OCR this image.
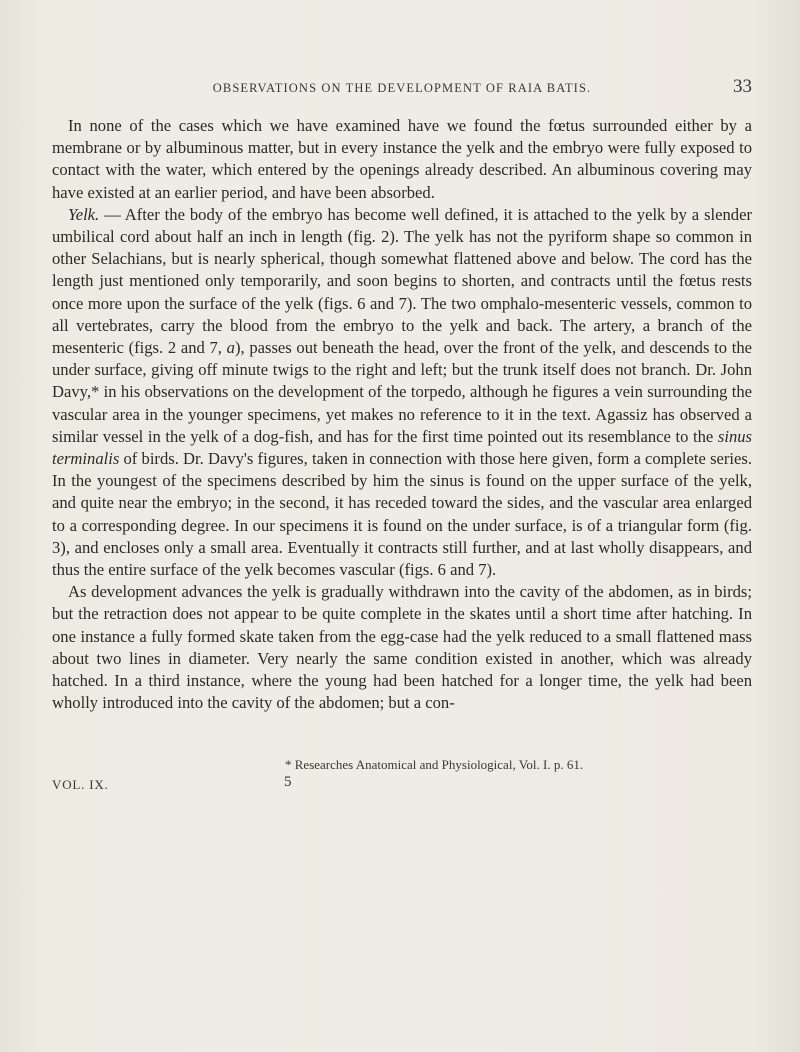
OBSERVATIONS ON THE DEVELOPMENT OF RAIA BATIS.	33

In none of the cases which we have examined have we found the fœtus surrounded either by a membrane or by albuminous matter, but in every instance the yelk and the embryo were fully exposed to contact with the water, which entered by the openings already described. An albuminous covering may have existed at an earlier period, and have been absorbed.

Yelk. — After the body of the embryo has become well defined, it is attached to the yelk by a slender umbilical cord about half an inch in length (fig. 2). The yelk has not the pyriform shape so common in other Selachians, but is nearly spherical, though somewhat flattened above and below. The cord has the length just mentioned only temporarily, and soon begins to shorten, and contracts until the fœtus rests once more upon the surface of the yelk (figs. 6 and 7). The two omphalo-mesenteric vessels, common to all vertebrates, carry the blood from the embryo to the yelk and back. The artery, a branch of the mesenteric (figs. 2 and 7, a), passes out beneath the head, over the front of the yelk, and descends to the under surface, giving off minute twigs to the right and left; but the trunk itself does not branch. Dr. John Davy,* in his observations on the development of the torpedo, although he figures a vein surrounding the vascular area in the younger specimens, yet makes no reference to it in the text. Agassiz has observed a similar vessel in the yelk of a dog-fish, and has for the first time pointed out its resemblance to the sinus terminalis of birds. Dr. Davy's figures, taken in connection with those here given, form a complete series. In the youngest of the specimens described by him the sinus is found on the upper surface of the yelk, and quite near the embryo; in the second, it has receded toward the sides, and the vascular area enlarged to a corresponding degree. In our specimens it is found on the under surface, is of a triangular form (fig. 3), and encloses only a small area. Eventually it contracts still further, and at last wholly disappears, and thus the entire surface of the yelk becomes vascular (figs. 6 and 7).

As development advances the yelk is gradually withdrawn into the cavity of the abdomen, as in birds; but the retraction does not appear to be quite complete in the skates until a short time after hatching. In one instance a fully formed skate taken from the egg-case had the yelk reduced to a small flattened mass about two lines in diameter. Very nearly the same condition existed in another, which was already hatched. In a third instance, where the young had been hatched for a longer time, the yelk had been wholly introduced into the cavity of the abdomen; but a con-

* Researches Anatomical and Physiological, Vol. I. p. 61.
VOL. IX.	5
